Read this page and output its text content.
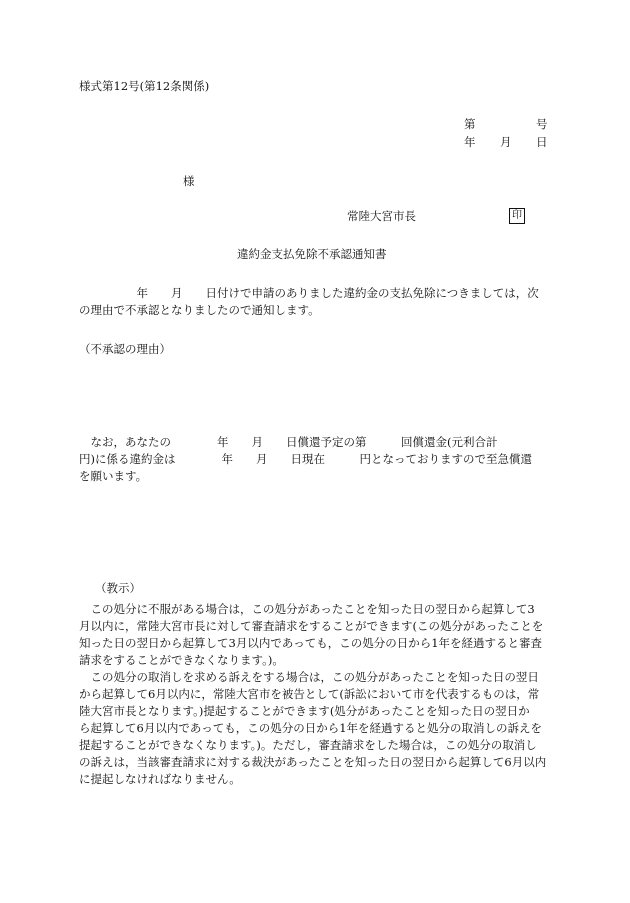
様式第12号(第12条関係)
第	号
年 月 日
様
常陸大宮市長	印
違約金支払免除不承認通知書
　　　　　年　　月　　日付けで申請のありました違約金の支払免除につきましては，次
の理由で不承認となりましたので通知します。
（不承認の理由）
　なお，あなたの　　　　年　　月　　日償還予定の第　　　回償還金(元利合計
円)に係る違約金は　　　　年　　月　　日現在　　　円となっておりますので至急償還
を願います。
（教示）
　この処分に不服がある場合は，この処分があったことを知った日の翌日から起算して3
月以内に，常陸大宮市長に対して審査請求をすることができます(この処分があったことを
知った日の翌日から起算して3月以内であっても，この処分の日から1年を経過すると審査
請求をすることができなくなります。)。
　この処分の取消しを求める訴えをする場合は，この処分があったことを知った日の翌日
から起算して6月以内に，常陸大宮市を被告として(訴訟において市を代表するものは，常
陸大宮市長となります。)提起することができます(処分があったことを知った日の翌日か
ら起算して6月以内であっても，この処分の日から1年を経過すると処分の取消しの訴えを
提起することができなくなります。)。ただし，審査請求をした場合は，この処分の取消し
の訴えは，当該審査請求に対する裁決があったことを知った日の翌日から起算して6月以内
に提起しなければなりません。
